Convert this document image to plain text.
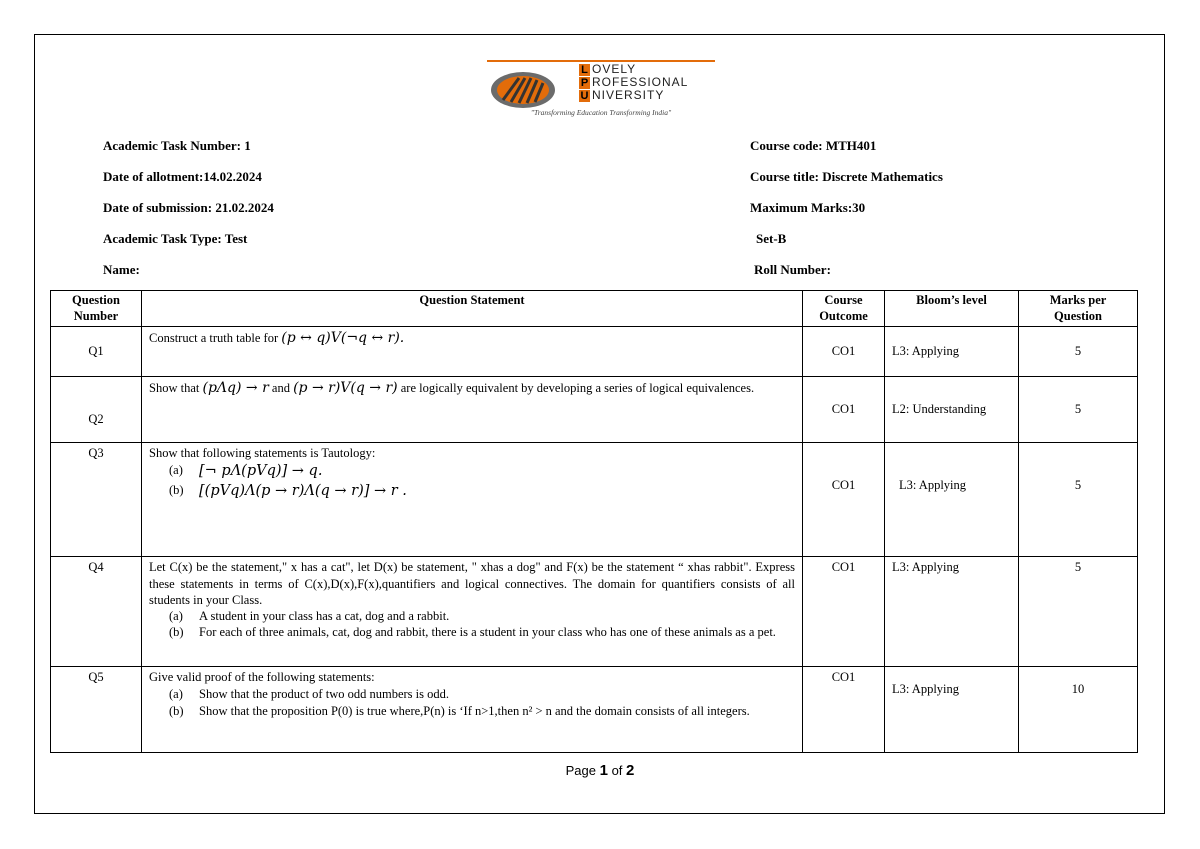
L OVELY
P ROFESSIONAL
U NIVERSITY
"Transforming Education Transforming India"
Academic Task Number: 1
Date of allotment:14.02.2024
Date of submission: 21.02.2024
Academic Task Type: Test
Name:
Course code: MTH401
Course title: Discrete Mathematics
Maximum Marks:30
Set-B
Roll Number:
Question Number	Question Statement	Course Outcome	Bloom’s level	Marks per Question
Q1	Construct a truth table for (p ↔ q)V(¬q ↔ r).	CO1	L3: Applying	5
Q2	Show that (pΛq) → r and (p → r)V(q → r) are logically equivalent by developing a series of logical equivalences.	CO1	L2: Understanding	5
Q3	Show that following statements is Tautology:
(a) [¬ pΛ(pVq)] → q.
(b) [(pVq)Λ(p → r)Λ(q → r)] → r .	CO1	L3: Applying	5
Q4	Let C(x) be the statement," x has a cat", let D(x) be statement, " xhas a dog" and F(x) be the statement “ xhas rabbit". Express these statements in terms of C(x),D(x),F(x),quantifiers and logical connectives. The domain for quantifiers consists of all students in your Class.
(a) A student in your class has a cat, dog and a rabbit.
(b) For each of three animals, cat, dog and rabbit, there is a student in your class who has one of these animals as a pet.	CO1	L3: Applying	5
Q5	Give valid proof of the following statements:
(a) Show that the product of two odd numbers is odd.
(b) Show that the proposition P(0) is true where,P(n) is ‘If n>1,then n² > n and the domain consists of all integers.	CO1	L3: Applying	10
Page 1 of 2
